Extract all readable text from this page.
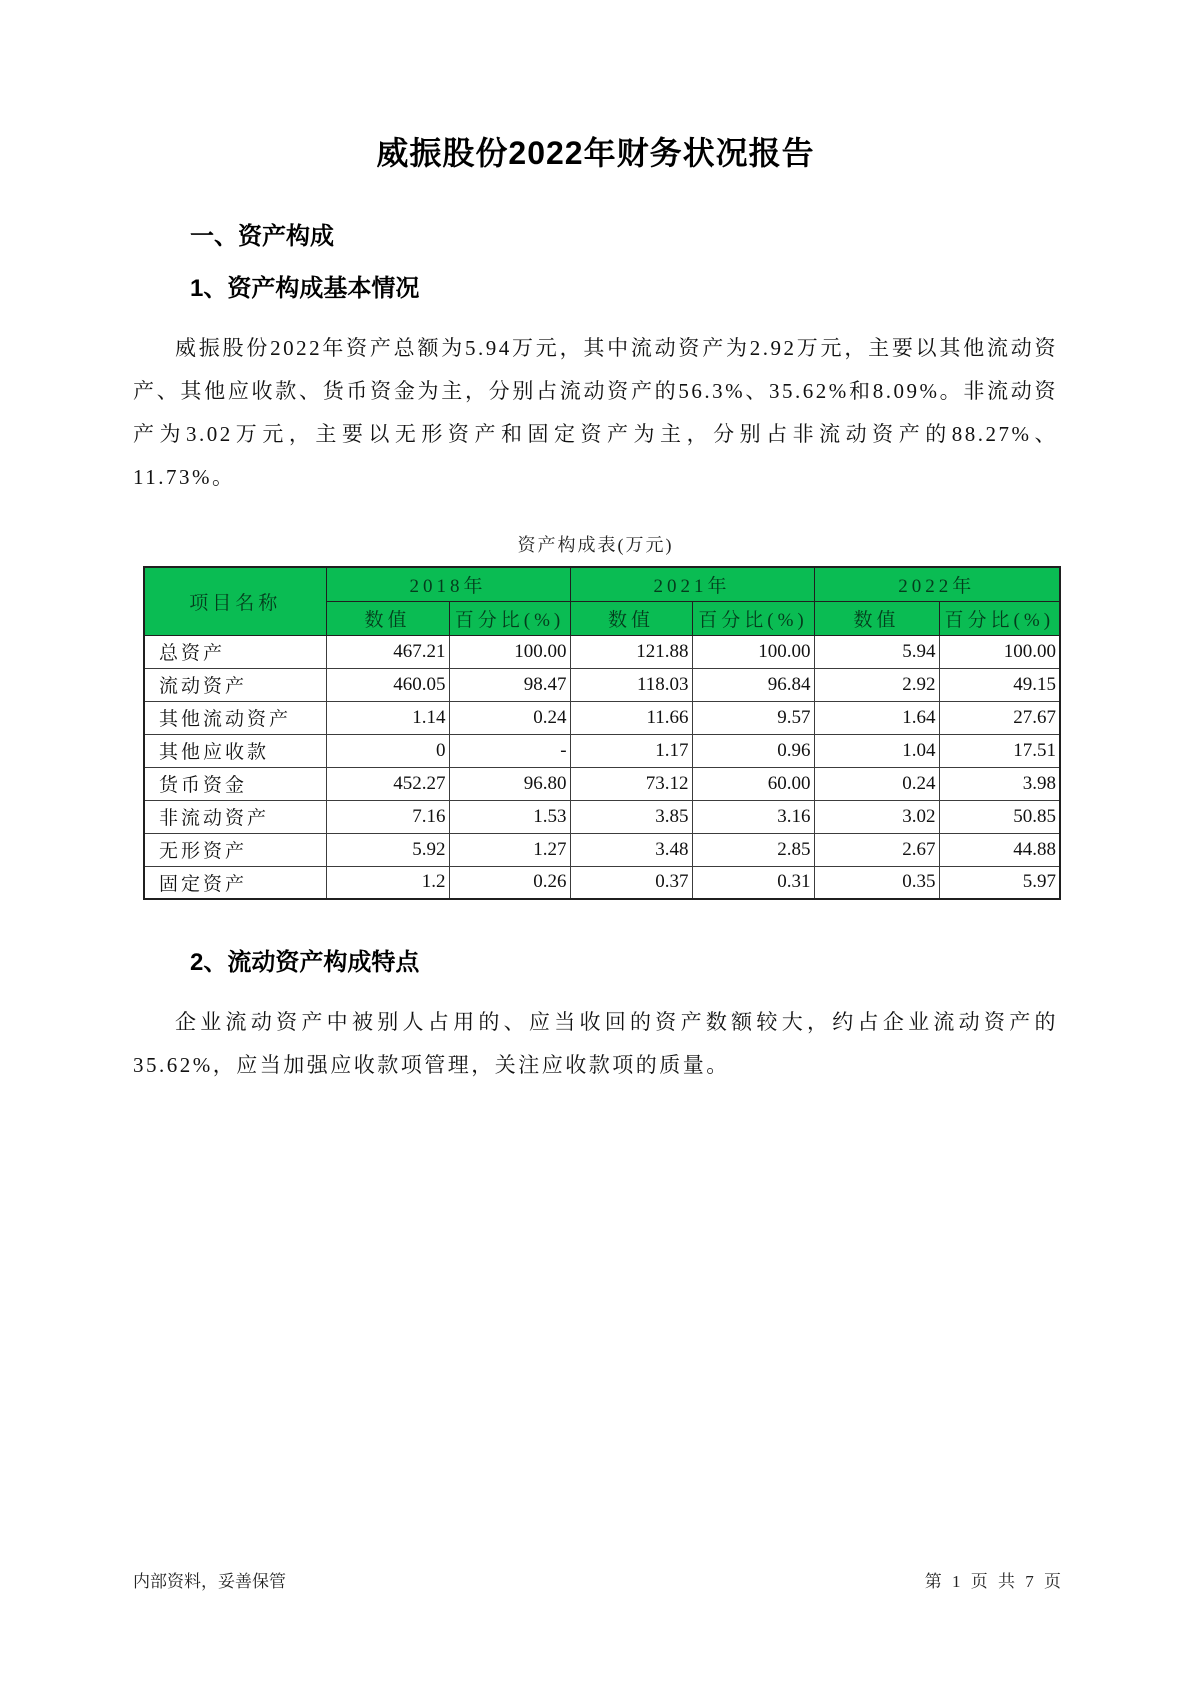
威振股份2022年财务状况报告
一、资产构成
1、资产构成基本情况

威振股份2022年资产总额为5.94万元，其中流动资产为2.92万元，主要以其他流动资产、其他应收款、货币资金为主，分别占流动资产的56.3%、35.62%和8.09%。非流动资产为3.02万元，主要以无形资产和固定资产为主，分别占非流动资产的88.27%、11.73%。

资产构成表(万元)
项目名称	2018年		2021年		2022年	
	数值	百分比(%)	数值	百分比(%)	数值	百分比(%)
总资产	467.21	100.00	121.88	100.00	5.94	100.00
流动资产	460.05	98.47	118.03	96.84	2.92	49.15
其他流动资产	1.14	0.24	11.66	9.57	1.64	27.67
其他应收款	0	-	1.17	0.96	1.04	17.51
货币资金	452.27	96.80	73.12	60.00	0.24	3.98
非流动资产	7.16	1.53	3.85	3.16	3.02	50.85
无形资产	5.92	1.27	3.48	2.85	2.67	44.88
固定资产	1.2	0.26	0.37	0.31	0.35	5.97
2、流动资产构成特点

企业流动资产中被别人占用的、应当收回的资产数额较大，约占企业流动资产的35.62%，应当加强应收款项管理，关注应收款项的质量。

内部资料，妥善保管	第 1 页 共 7 页
